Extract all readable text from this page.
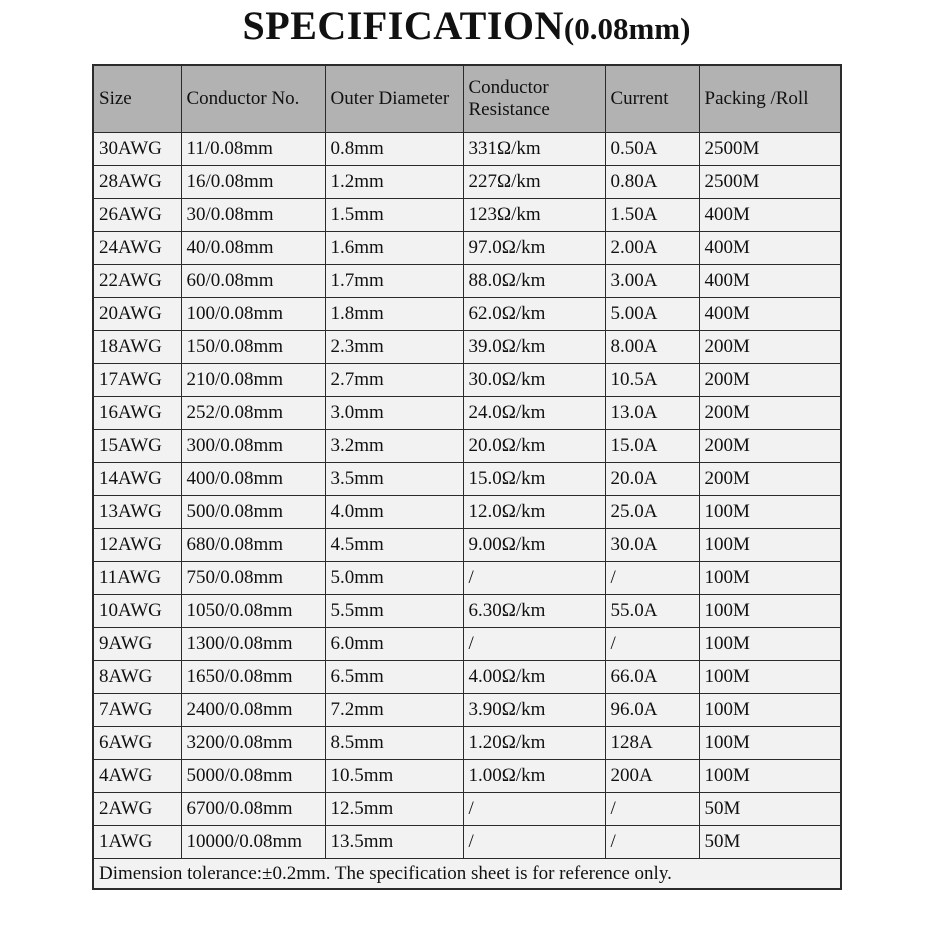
SPECIFICATION(0.08mm)
Size	Conductor No.	Outer Diameter	Conductor Resistance	Current	Packing /Roll
30AWG	11/0.08mm	0.8mm	331Ω/km	0.50A	2500M
28AWG	16/0.08mm	1.2mm	227Ω/km	0.80A	2500M
26AWG	30/0.08mm	1.5mm	123Ω/km	1.50A	400M
24AWG	40/0.08mm	1.6mm	97.0Ω/km	2.00A	400M
22AWG	60/0.08mm	1.7mm	88.0Ω/km	3.00A	400M
20AWG	100/0.08mm	1.8mm	62.0Ω/km	5.00A	400M
18AWG	150/0.08mm	2.3mm	39.0Ω/km	8.00A	200M
17AWG	210/0.08mm	2.7mm	30.0Ω/km	10.5A	200M
16AWG	252/0.08mm	3.0mm	24.0Ω/km	13.0A	200M
15AWG	300/0.08mm	3.2mm	20.0Ω/km	15.0A	200M
14AWG	400/0.08mm	3.5mm	15.0Ω/km	20.0A	200M
13AWG	500/0.08mm	4.0mm	12.0Ω/km	25.0A	100M
12AWG	680/0.08mm	4.5mm	9.00Ω/km	30.0A	100M
11AWG	750/0.08mm	5.0mm	/	/	100M
10AWG	1050/0.08mm	5.5mm	6.30Ω/km	55.0A	100M
9AWG	1300/0.08mm	6.0mm	/	/	100M
8AWG	1650/0.08mm	6.5mm	4.00Ω/km	66.0A	100M
7AWG	2400/0.08mm	7.2mm	3.90Ω/km	96.0A	100M
6AWG	3200/0.08mm	8.5mm	1.20Ω/km	128A	100M
4AWG	5000/0.08mm	10.5mm	1.00Ω/km	200A	100M
2AWG	6700/0.08mm	12.5mm	/	/	50M
1AWG	10000/0.08mm	13.5mm	/	/	50M
Dimension tolerance:±0.2mm. The specification sheet is for reference only.					
